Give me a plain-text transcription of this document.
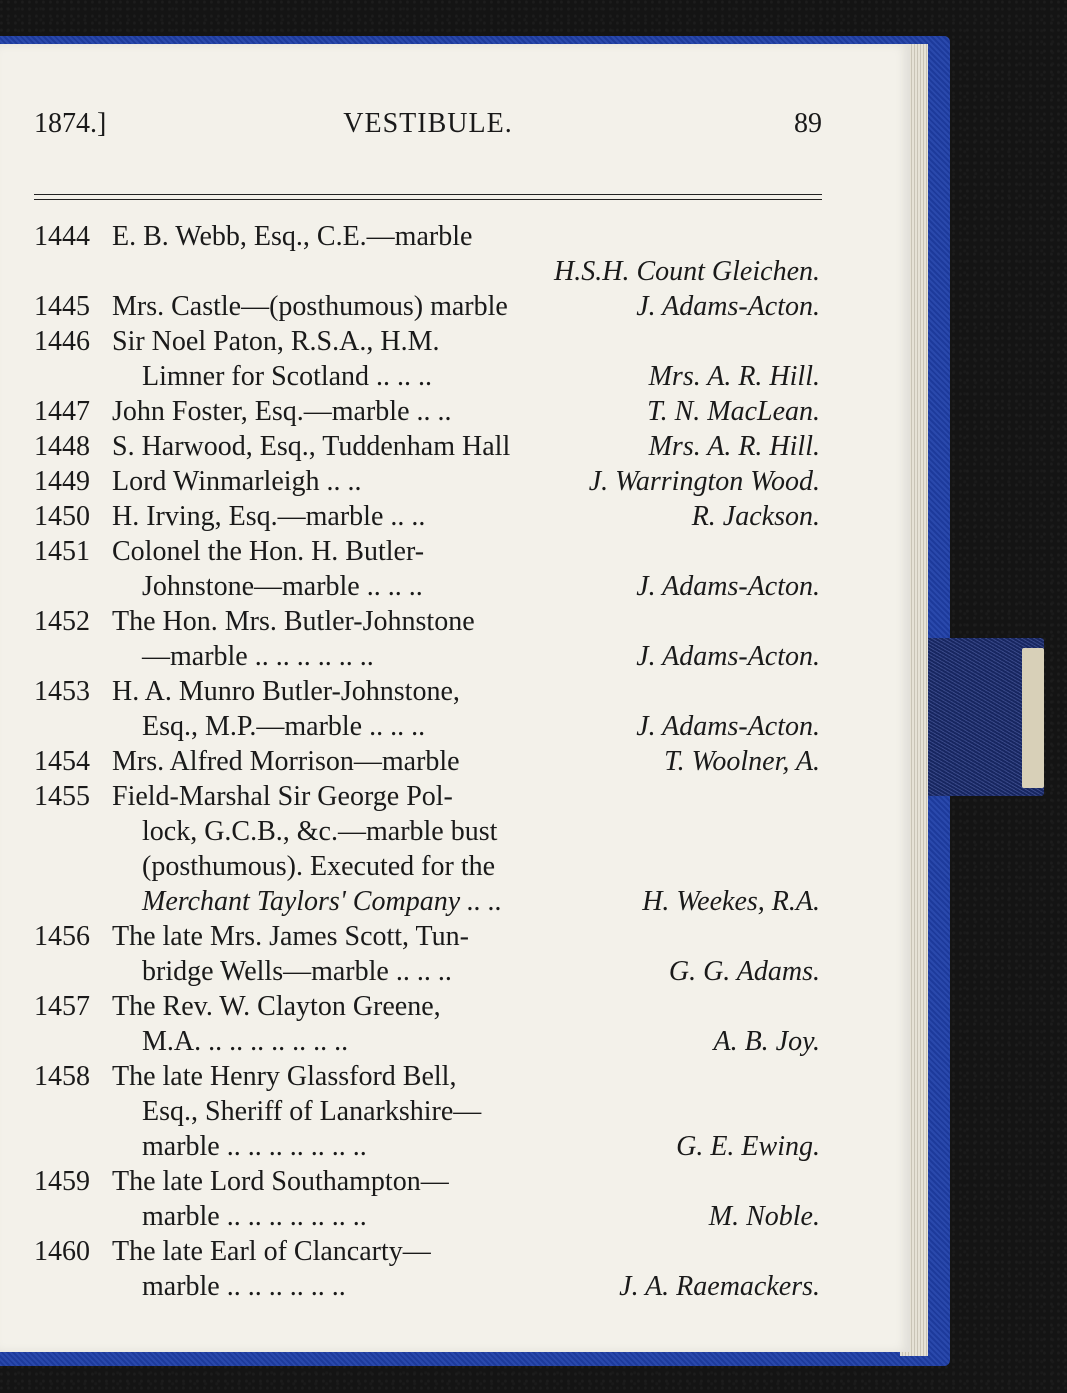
1874.]	VESTIBULE.	89
1444 E. B. Webb, Esq., C.E.—marble
H.S.H. Count Gleichen.
1445 Mrs. Castle—(posthumous) marble	J. Adams-Acton.
1446 Sir Noel Paton, R.S.A., H.M.
Limner for Scotland .. .. ..	Mrs. A. R. Hill.
1447 John Foster, Esq.—marble .. ..	T. N. MacLean.
1448 S. Harwood, Esq., Tuddenham Hall	Mrs. A. R. Hill.
1449 Lord Winmarleigh .. ..	J. Warrington Wood.
1450 H. Irving, Esq.—marble .. ..	R. Jackson.
1451 Colonel the Hon. H. Butler-
Johnstone—marble .. .. ..	J. Adams-Acton.
1452 The Hon. Mrs. Butler-Johnstone
—marble .. .. .. .. .. ..	J. Adams-Acton.
1453 H. A. Munro Butler-Johnstone,
Esq., M.P.—marble .. .. ..	J. Adams-Acton.
1454 Mrs. Alfred Morrison—marble	T. Woolner, A.
1455 Field-Marshal Sir George Pol-
lock, G.C.B., &c.—marble bust
(posthumous). Executed for the
Merchant Taylors' Company .. ..	H. Weekes, R.A.
1456 The late Mrs. James Scott, Tun-
bridge Wells—marble .. .. ..	G. G. Adams.
1457 The Rev. W. Clayton Greene,
M.A. .. .. .. .. .. .. ..	A. B. Joy.
1458 The late Henry Glassford Bell,
Esq., Sheriff of Lanarkshire—
marble .. .. .. .. .. .. ..	G. E. Ewing.
1459 The late Lord Southampton—
marble .. .. .. .. .. .. ..	M. Noble.
1460 The late Earl of Clancarty—
marble .. .. .. .. .. ..	J. A. Raemackers.
